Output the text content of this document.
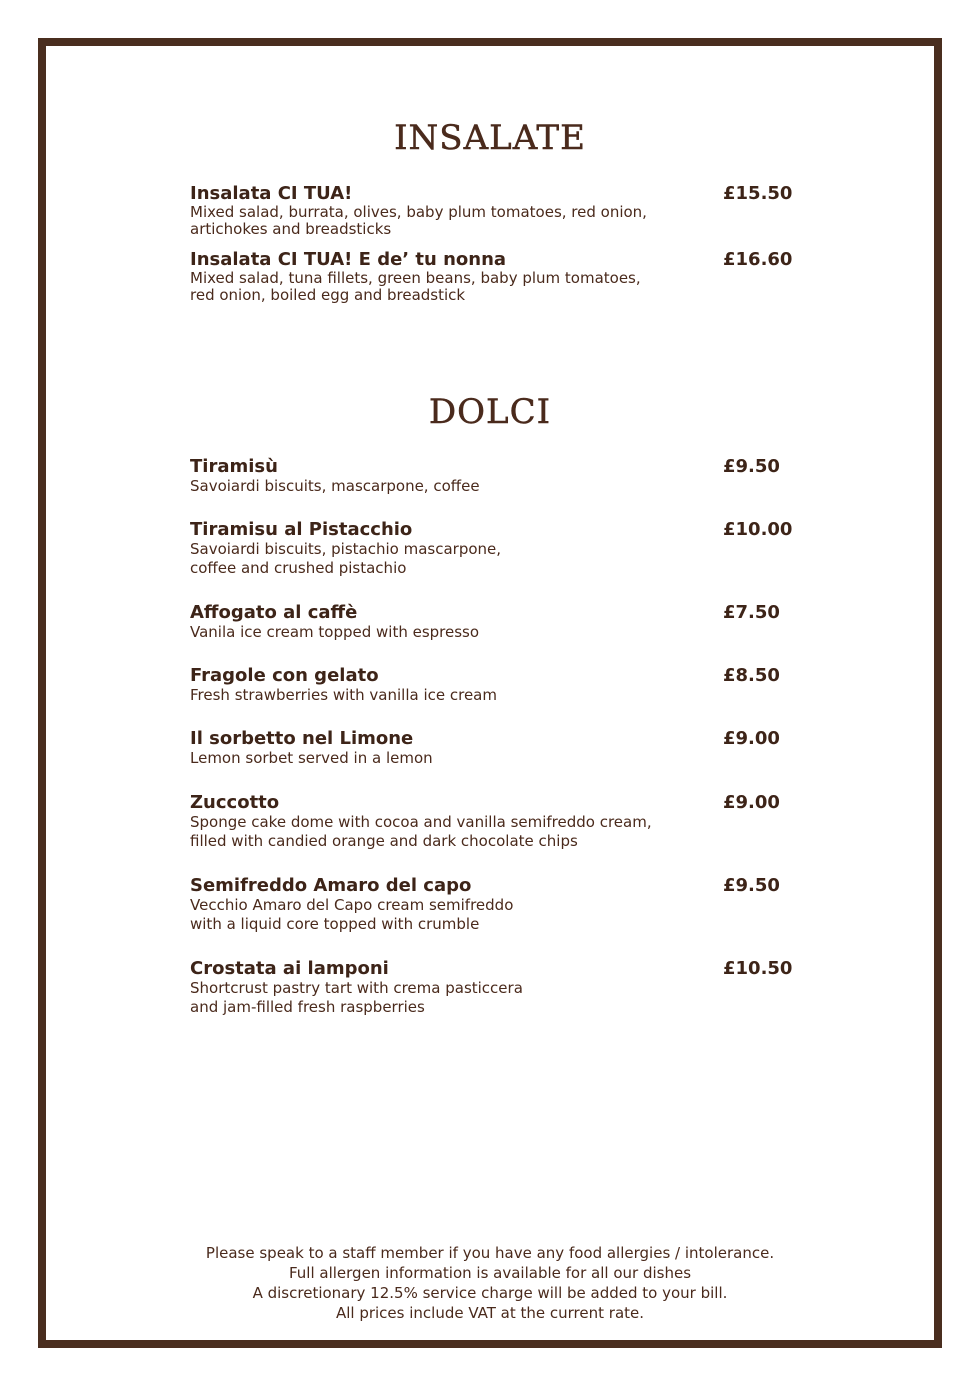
INSALATE
Insalata CI TUA!	£15.50
Mixed salad, burrata, olives, baby plum tomatoes, red onion,
artichokes and breadsticks
Insalata CI TUA! E de’ tu nonna	£16.60
Mixed salad, tuna fillets, green beans, baby plum tomatoes,
red onion, boiled egg and breadstick
DOLCI
Tiramisù	£9.50
Savoiardi biscuits, mascarpone, coffee
Tiramisu al Pistacchio	£10.00
Savoiardi biscuits, pistachio mascarpone,
coffee and crushed pistachio
Affogato al caffè	£7.50
Vanila ice cream topped with espresso
Fragole con gelato	£8.50
Fresh strawberries with vanilla ice cream
Il sorbetto nel Limone	£9.00
Lemon sorbet served in a lemon
Zuccotto	£9.00
Sponge cake dome with cocoa and vanilla semifreddo cream,
filled with candied orange and dark chocolate chips
Semifreddo Amaro del capo	£9.50
Vecchio Amaro del Capo cream semifreddo
with a liquid core topped with crumble
Crostata ai lamponi	£10.50
Shortcrust pastry tart with crema pasticcera
and jam-filled fresh raspberries
Please speak to a staff member if you have any food allergies / intolerance.
Full allergen information is available for all our dishes
A discretionary 12.5% service charge will be added to your bill.
All prices include VAT at the current rate.
